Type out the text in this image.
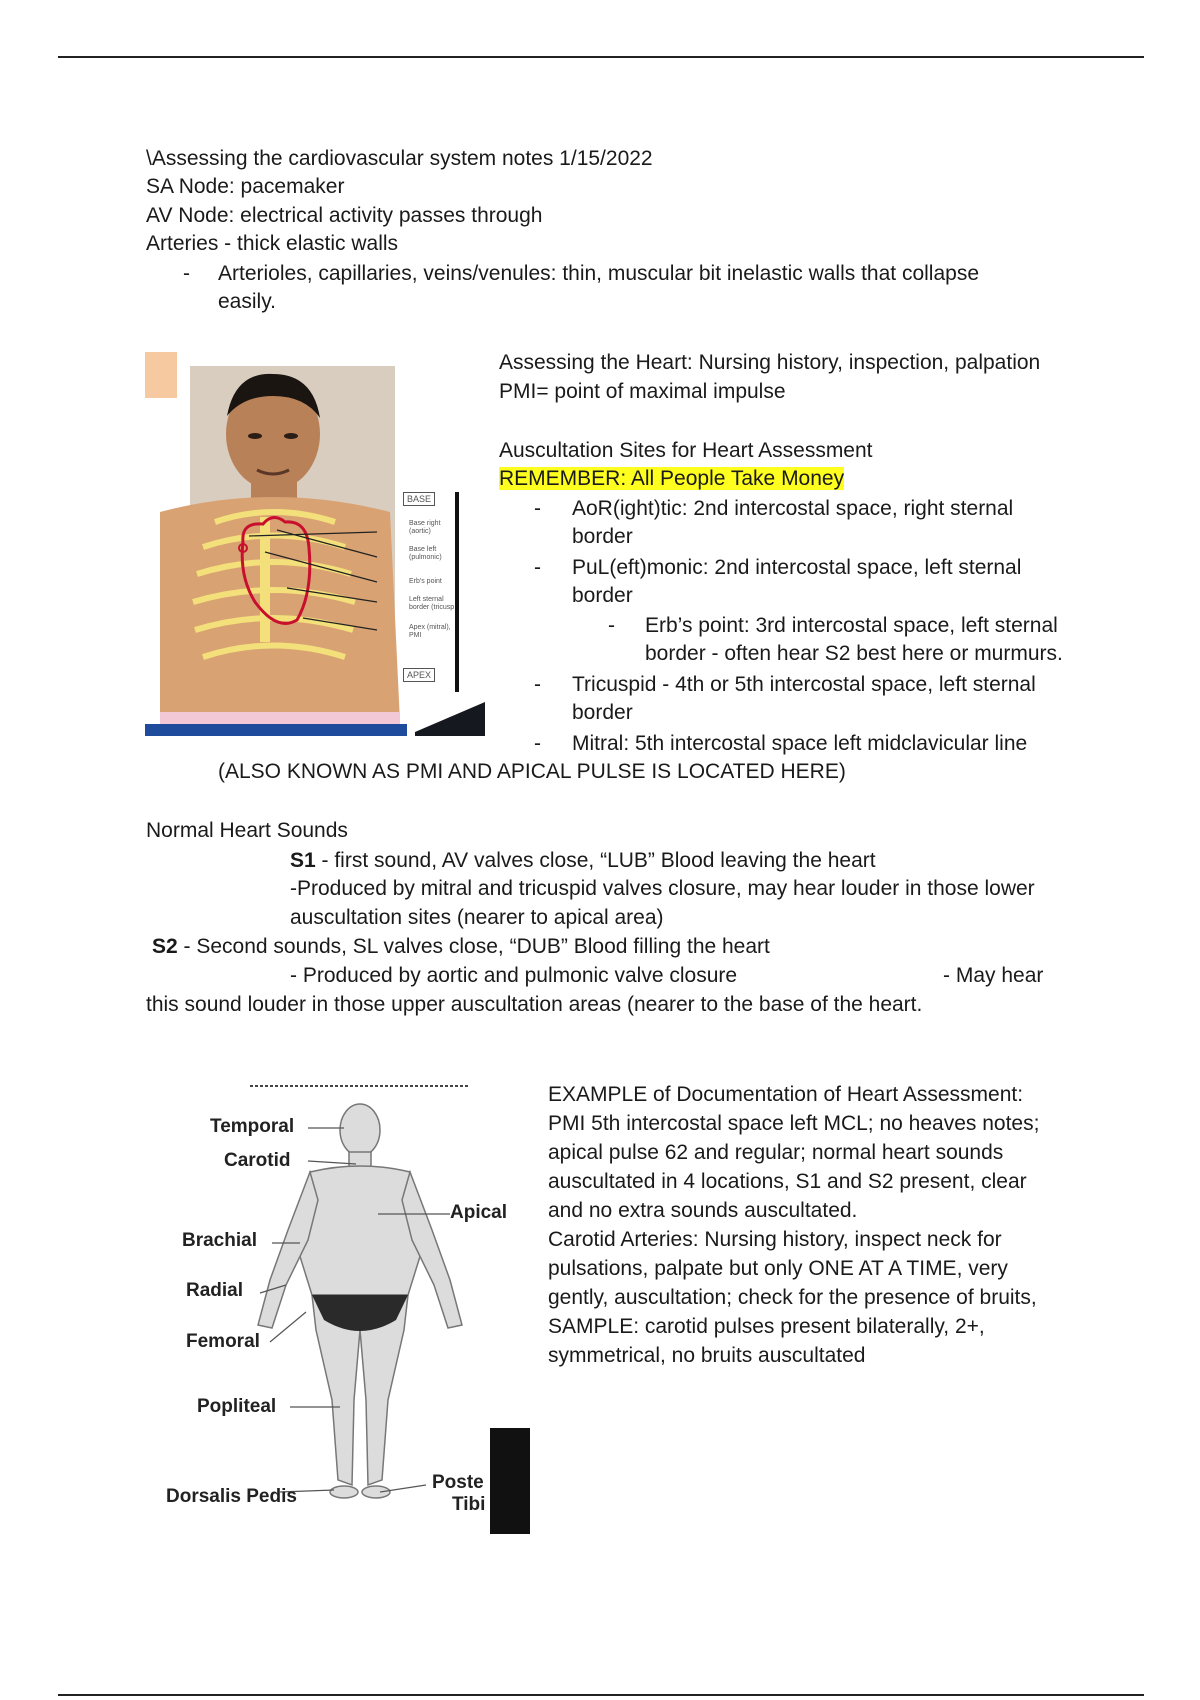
\Assessing the cardiovascular system notes 1/15/2022
SA Node: pacemaker
AV Node: electrical activity passes through
Arteries - thick elastic walls
- Arterioles, capillaries, veins/venules: thin, muscular bit inelastic walls that collapse
easily.
BASE
Base right
(aortic)
Base left
(pulmonic)
Erb's point
Left sternal
border (tricusp
Apex (mitral),
PMI
APEX
Assessing the Heart: Nursing history, inspection, palpation
PMI= point of maximal impulse
Auscultation Sites for Heart Assessment
REMEMBER: All People Take Money
- AoR(ight)tic: 2nd intercostal space, right sternal
border
- PuL(eft)monic: 2nd intercostal space, left sternal
border
- Erb’s point: 3rd intercostal space, left sternal
border - often hear S2 best here or murmurs.
- Tricuspid - 4th or 5th intercostal space, left sternal
border
- Mitral: 5th intercostal space left midclavicular line
(ALSO KNOWN AS PMI AND APICAL PULSE IS LOCATED HERE)
Normal Heart Sounds
S1 - first sound, AV valves close, “LUB” Blood leaving the heart
-Produced by mitral and tricuspid valves closure, may hear louder in those lower
auscultation sites (nearer to apical area)
S2 - Second sounds, SL valves close, “DUB” Blood filling the heart
- Produced by aortic and pulmonic valve closure	- May hear
this sound louder in those upper auscultation areas (nearer to the base of the heart.
Temporal
Carotid
Apical
Brachial
Radial
Femoral
Popliteal
Dorsalis Pedis
Poste
Tibi
EXAMPLE of Documentation of Heart Assessment:
PMI 5th intercostal space left MCL; no heaves notes;
apical pulse 62 and regular; normal heart sounds
auscultated in 4 locations, S1 and S2 present, clear
and no extra sounds auscultated.
Carotid Arteries: Nursing history, inspect neck for
pulsations, palpate but only ONE AT A TIME, very
gently, auscultation; check for the presence of bruits,
SAMPLE: carotid pulses present bilaterally, 2+,
symmetrical, no bruits auscultated
